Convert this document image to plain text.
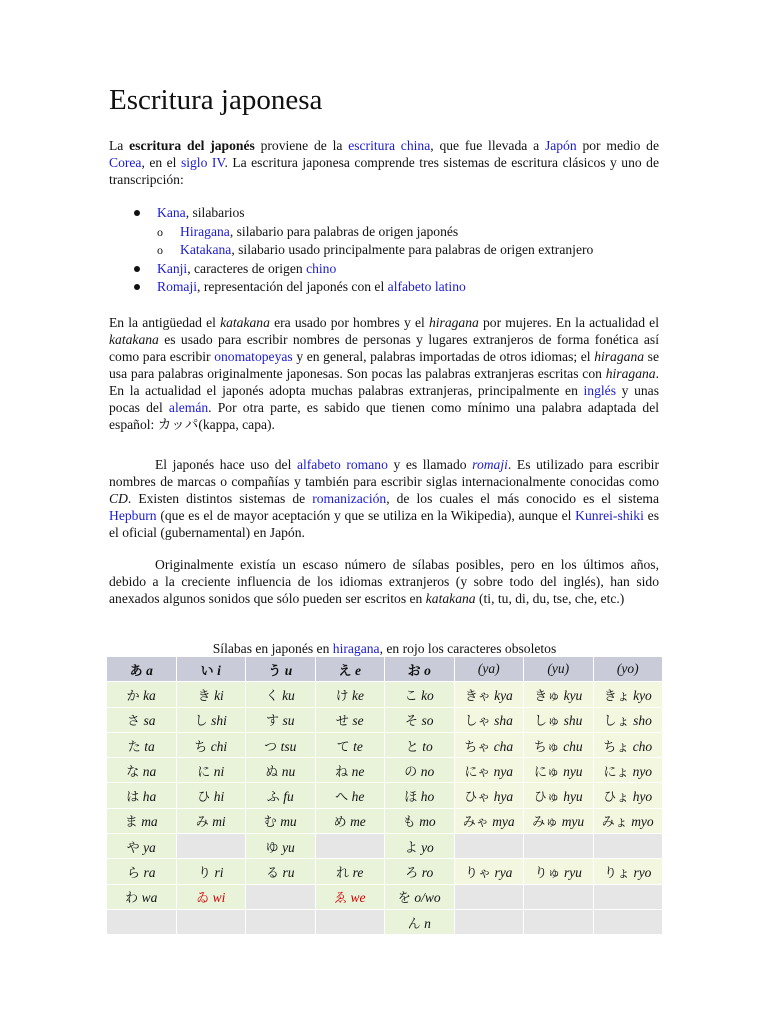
Escritura japonesa

La escritura del japonés proviene de la escritura china, que fue llevada a Japón por medio de Corea, en el siglo IV. La escritura japonesa comprende tres sistemas de escritura clásicos y uno de transcripción:

Kana, silabarios
o Hiragana, silabario para palabras de origen japonés
o Katakana, silabario usado principalmente para palabras de origen extranjero
Kanji, caracteres de origen chino
Romaji, representación del japonés con el alfabeto latino

En la antigüedad el katakana era usado por hombres y el hiragana por mujeres. En la actualidad el katakana es usado para escribir nombres de personas y lugares extranjeros de forma fonética así como para escribir onomatopeyas y en general, palabras importadas de otros idiomas; el hiragana se usa para palabras originalmente japonesas. Son pocas las palabras extranjeras escritas con hiragana. En la actualidad el japonés adopta muchas palabras extranjeras, principalmente en inglés y unas pocas del alemán. Por otra parte, es sabido que tienen como mínimo una palabra adaptada del español: カッパ(kappa, capa).

El japonés hace uso del alfabeto romano y es llamado romaji. Es utilizado para escribir nombres de marcas o compañías y también para escribir siglas internacionalmente conocidas como CD. Existen distintos sistemas de romanización, de los cuales el más conocido es el sistema Hepburn (que es el de mayor aceptación y que se utiliza en la Wikipedia), aunque el Kunrei-shiki es el oficial (gubernamental) en Japón.

Originalmente existía un escaso número de sílabas posibles, pero en los últimos años, debido a la creciente influencia de los idiomas extranjeros (y sobre todo del inglés), han sido anexados algunos sonidos que sólo pueden ser escritos en katakana (ti, tu, di, du, tse, che, etc.)

Sílabas en japonés en hiragana, en rojo los caracteres obsoletos
あ a	い i	う u	え e	お o	(ya)	(yu)	(yo)
か ka	き ki	く ku	け ke	こ ko	きゃ kya	きゅ kyu	きょ kyo
さ sa	し shi	す su	せ se	そ so	しゃ sha	しゅ shu	しょ sho
た ta	ち chi	つ tsu	て te	と to	ちゃ cha	ちゅ chu	ちょ cho
な na	に ni	ぬ nu	ね ne	の no	にゃ nya	にゅ nyu	にょ nyo
は ha	ひ hi	ふ fu	へ he	ほ ho	ひゃ hya	ひゅ hyu	ひょ hyo
ま ma	み mi	む mu	め me	も mo	みゃ mya	みゅ myu	みょ myo
や ya		ゆ yu		よ yo			
ら ra	り ri	る ru	れ re	ろ ro	りゃ rya	りゅ ryu	りょ ryo
わ wa	ゐ wi		ゑ we	を o/wo			
				ん n			
